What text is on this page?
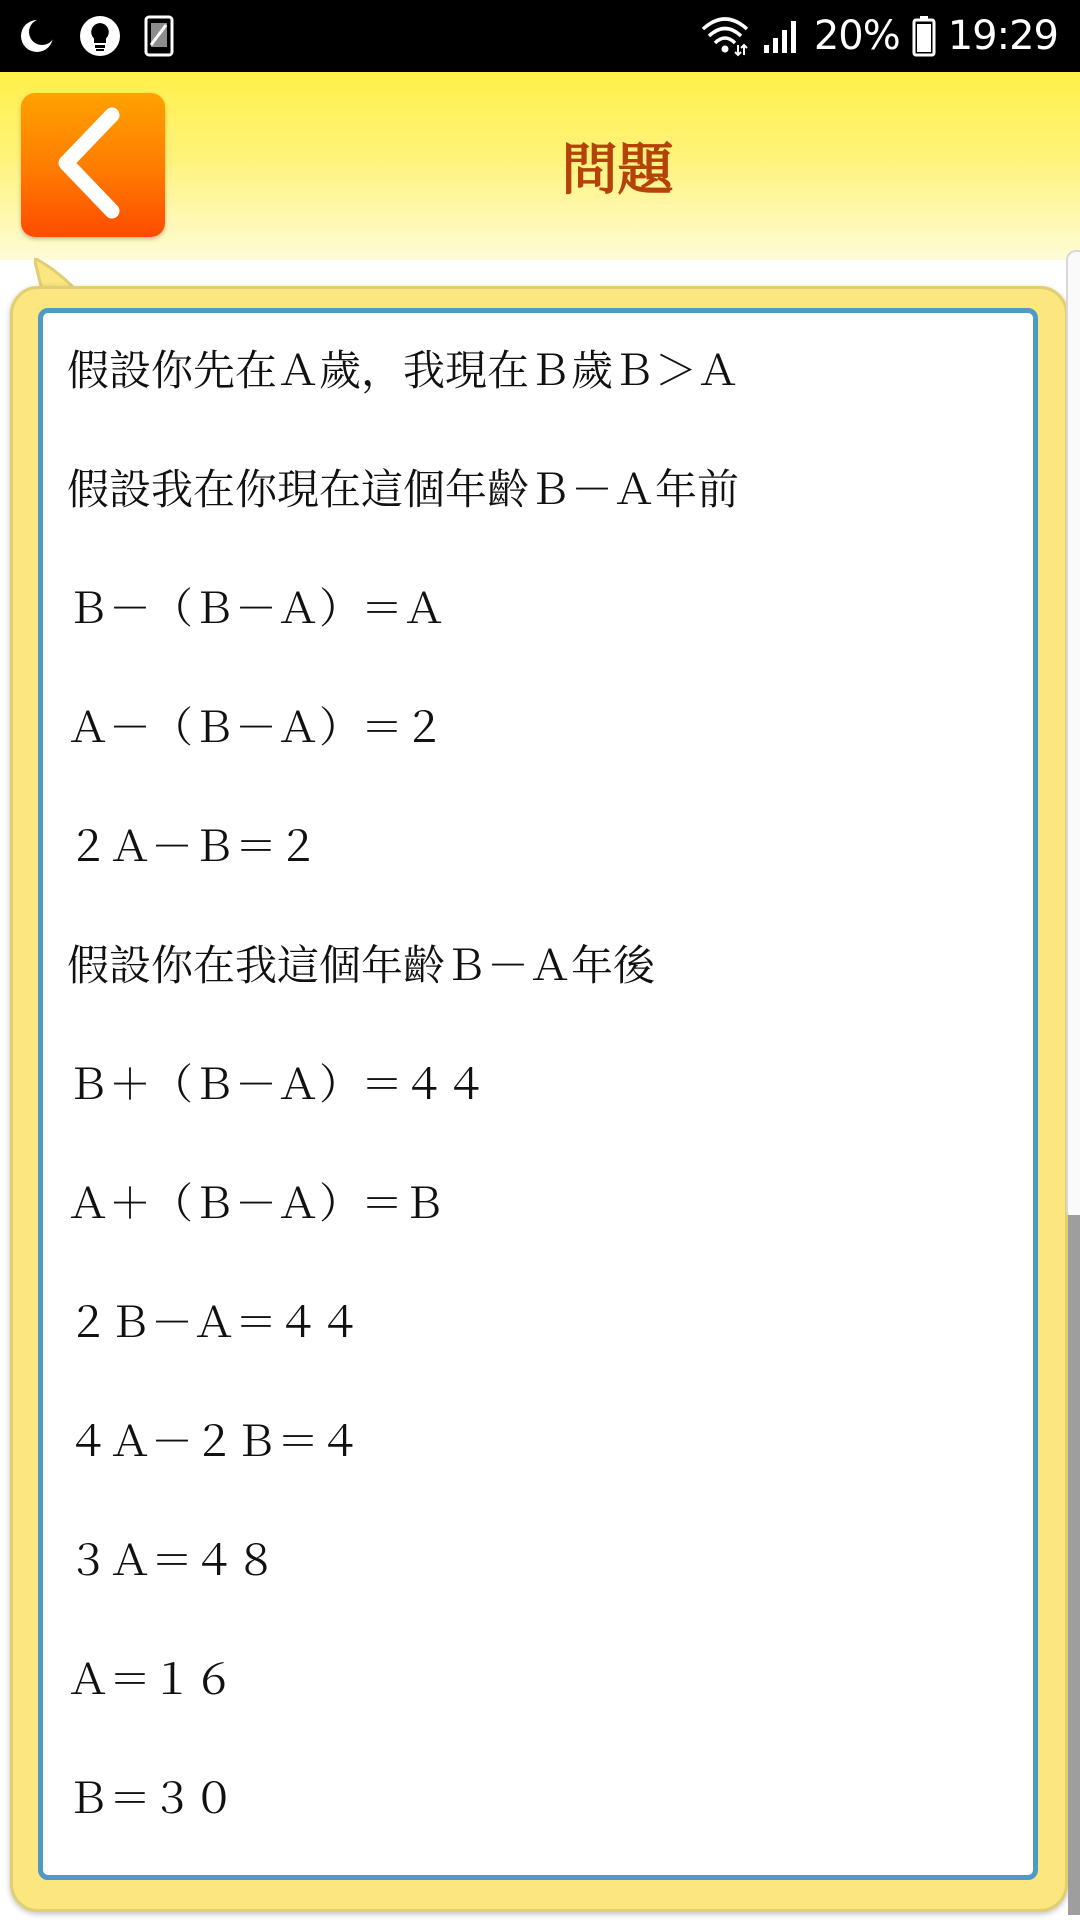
20% 19:29
問題
假設你先在Ａ歲，我現在Ｂ歲Ｂ＞Ａ
假設我在你現在這個年齡Ｂ－Ａ年前
Ｂ－（Ｂ－Ａ）＝Ａ
Ａ－（Ｂ－Ａ）＝２
２Ａ－Ｂ＝２
假設你在我這個年齡Ｂ－Ａ年後
Ｂ＋（Ｂ－Ａ）＝４４
Ａ＋（Ｂ－Ａ）＝Ｂ
２Ｂ－Ａ＝４４
４Ａ－２Ｂ＝４
３Ａ＝４８
Ａ＝１６
Ｂ＝３０
